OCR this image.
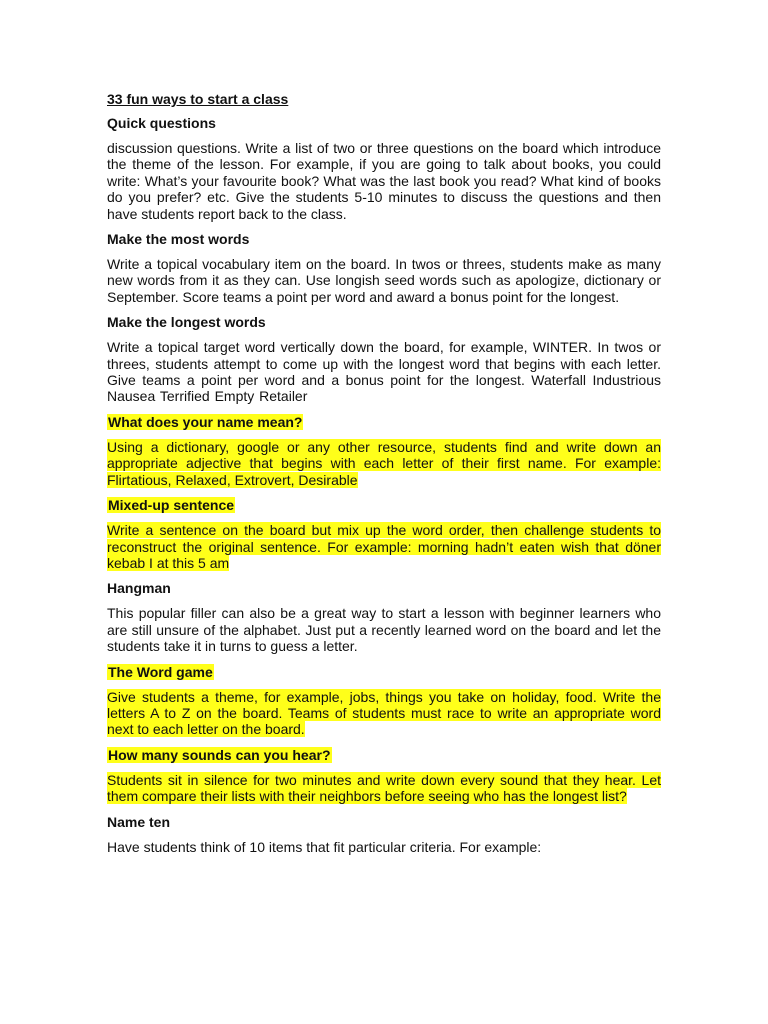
33 fun ways to start a class
Quick questions
discussion questions. Write a list of two or three questions on the board which introduce the theme of the lesson. For example, if you are going to talk about books, you could write: What’s your favourite book? What was the last book you read? What kind of books do you prefer? etc. Give the students 5-10 minutes to discuss the questions and then have students report back to the class.
Make the most words
Write a topical vocabulary item on the board. In twos or threes, students make as many new words from it as they can. Use longish seed words such as apologize, dictionary or September. Score teams a point per word and award a bonus point for the longest.
Make the longest words
Write a topical target word vertically down the board, for example, WINTER. In twos or threes, students attempt to come up with the longest word that begins with each letter. Give teams a point per word and a bonus point for the longest. Waterfall Industrious Nausea Terrified Empty Retailer
What does your name mean?
Using a dictionary, google or any other resource, students find and write down an appropriate adjective that begins with each letter of their first name. For example: Flirtatious, Relaxed, Extrovert, Desirable
Mixed-up sentence
Write a sentence on the board but mix up the word order, then challenge students to reconstruct the original sentence. For example: morning hadn’t eaten wish that döner kebab I at this 5 am
Hangman
This popular filler can also be a great way to start a lesson with beginner learners who are still unsure of the alphabet. Just put a recently learned word on the board and let the students take it in turns to guess a letter.
The Word game
Give students a theme, for example, jobs, things you take on holiday, food. Write the letters A to Z on the board. Teams of students must race to write an appropriate word next to each letter on the board.
How many sounds can you hear?
Students sit in silence for two minutes and write down every sound that they hear. Let them compare their lists with their neighbors before seeing who has the longest list?
Name ten
Have students think of 10 items that fit particular criteria. For example:
